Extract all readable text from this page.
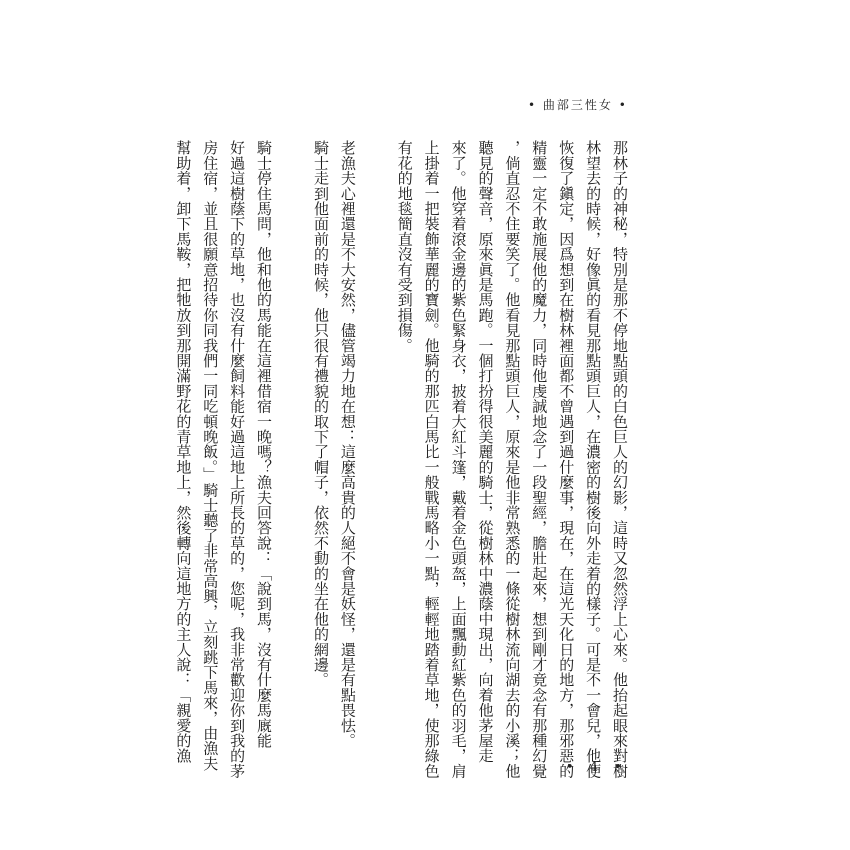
• 曲部三性女 •
那林子的神秘，特別是那不停地點頭的白色巨人的幻影，這時又忽然浮上心來。他抬起眼來對樹
林望去的時候，好像眞的看見那點頭巨人，在濃密的樹後向外走着的樣子。可是不一會兒，他便
恢復了鎭定，因爲想到在樹林裡面都不曾遇到過什麼事，現在，在這光天化日的地方，那邪惡的
精靈一定不敢施展他的魔力，同時他虔誠地念了一段聖經，膽壯起來，想到剛才竟念有那種幻覺
，倘直忍不住要笑了。他看見那點頭巨人，原來是他非常熟悉的一條從樹林流向湖去的小溪；他
聽見的聲音，原來眞是馬跑。一個打扮得很美麗的騎士，從樹林中濃蔭中現出，向着他茅屋走
來了。他穿着滾金邊的紫色緊身衣，披着大紅斗篷，戴着金色頭盔，上面飄動紅紫色的羽毛，肩
上掛着一把裝飾華麗的寶劍。他騎的那匹白馬比一般戰馬略小一點，輕輕地踏着草地，使那綠色
有花的地毯簡直沒有受到損傷。
老漁夫心裡還是不大安然，儘管竭力地在想：這麼高貴的人絕不會是妖怪，還是有點畏怯。
騎士走到他面前的時候，他只很有禮貌的取下了帽子，依然不動的坐在他的網邊。
騎士停住馬問，他和他的馬能在這裡借宿一晚嗎？漁夫回答說：「說到馬，沒有什麼馬廐能
好過這樹蔭下的草地，也沒有什麼飼料能好過這地上所長的草的，您呢，我非常歡迎你到我的茅
房住宿，並且很願意招待你同我們一同吃頓晚飯。」騎士聽了非常高興，立刻跳下馬來，由漁夫
幫助着，卸下馬鞍，把牠放到那開滿野花的青草地上，然後轉向這地方的主人說：「親愛的漁
• 4 •
